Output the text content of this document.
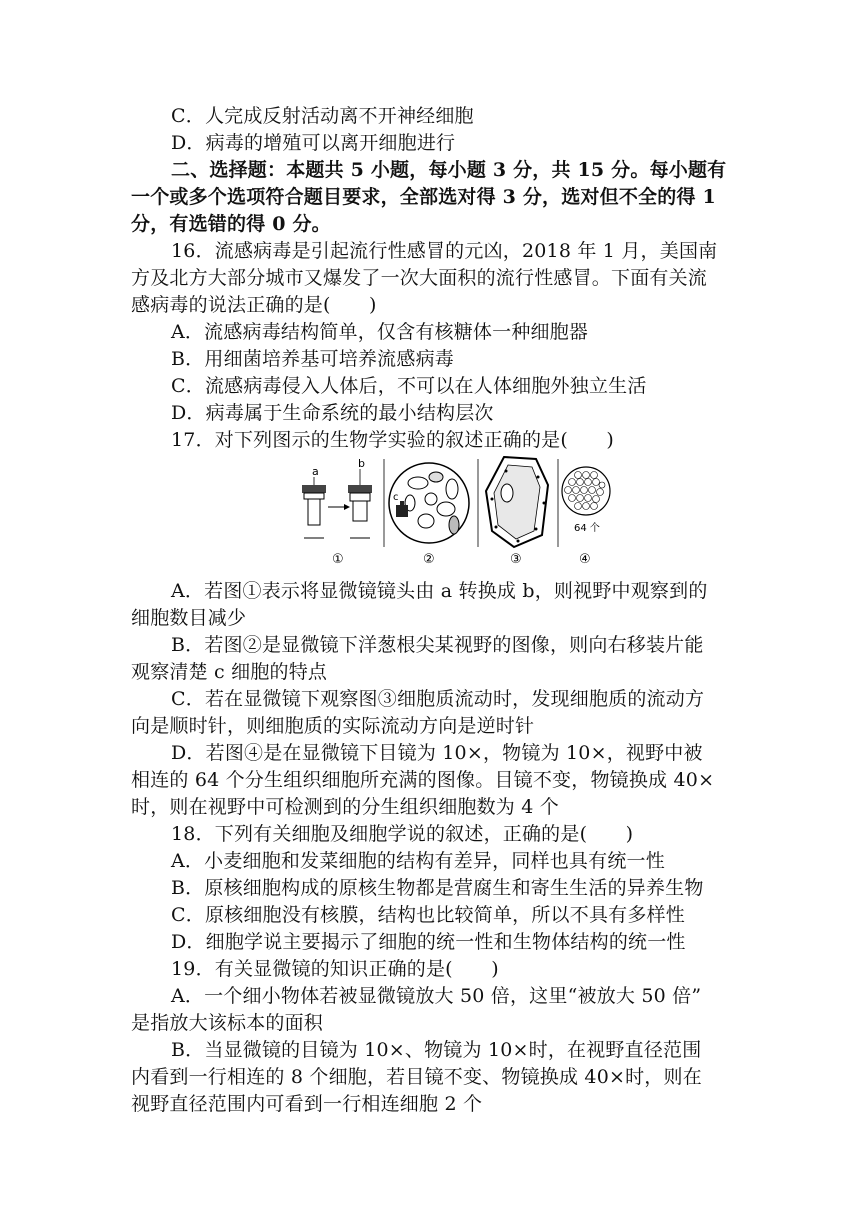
C．人完成反射活动离不开神经细胞
D．病毒的增殖可以离开细胞进行
二、选择题：本题共 5 小题，每小题 3 分，共 15 分。每小题有
一个或多个选项符合题目要求，全部选对得 3 分，选对但不全的得 1
分，有选错的得 0 分。
16．流感病毒是引起流行性感冒的元凶，2018 年 1 月，美国南
方及北方大部分城市又爆发了一次大面积的流行性感冒。下面有关流
感病毒的说法正确的是(　　)
A．流感病毒结构简单，仅含有核糖体一种细胞器
B．用细菌培养基可培养流感病毒
C．流感病毒侵入人体后，不可以在人体细胞外独立生活
D．病毒属于生命系统的最小结构层次
17．对下列图示的生物学实验的叙述正确的是(　　)
a
b
①
c
②	③
64 个
④
A．若图①表示将显微镜镜头由 a 转换成 b，则视野中观察到的
细胞数目减少
B．若图②是显微镜下洋葱根尖某视野的图像，则向右移装片能
观察清楚 c 细胞的特点
C．若在显微镜下观察图③细胞质流动时，发现细胞质的流动方
向是顺时针，则细胞质的实际流动方向是逆时针
D．若图④是在显微镜下目镜为 10×，物镜为 10×，视野中被
相连的 64 个分生组织细胞所充满的图像。目镜不变，物镜换成 40×
时，则在视野中可检测到的分生组织细胞数为 4 个
18．下列有关细胞及细胞学说的叙述，正确的是(　　)
A．小麦细胞和发菜细胞的结构有差异，同样也具有统一性
B．原核细胞构成的原核生物都是营腐生和寄生生活的异养生物
C．原核细胞没有核膜，结构也比较简单，所以不具有多样性
D．细胞学说主要揭示了细胞的统一性和生物体结构的统一性
19．有关显微镜的知识正确的是(　　)
A．一个细小物体若被显微镜放大 50 倍，这里“被放大 50 倍”
是指放大该标本的面积
B．当显微镜的目镜为 10×、物镜为 10×时，在视野直径范围
内看到一行相连的 8 个细胞，若目镜不变、物镜换成 40×时，则在
视野直径范围内可看到一行相连细胞 2 个
